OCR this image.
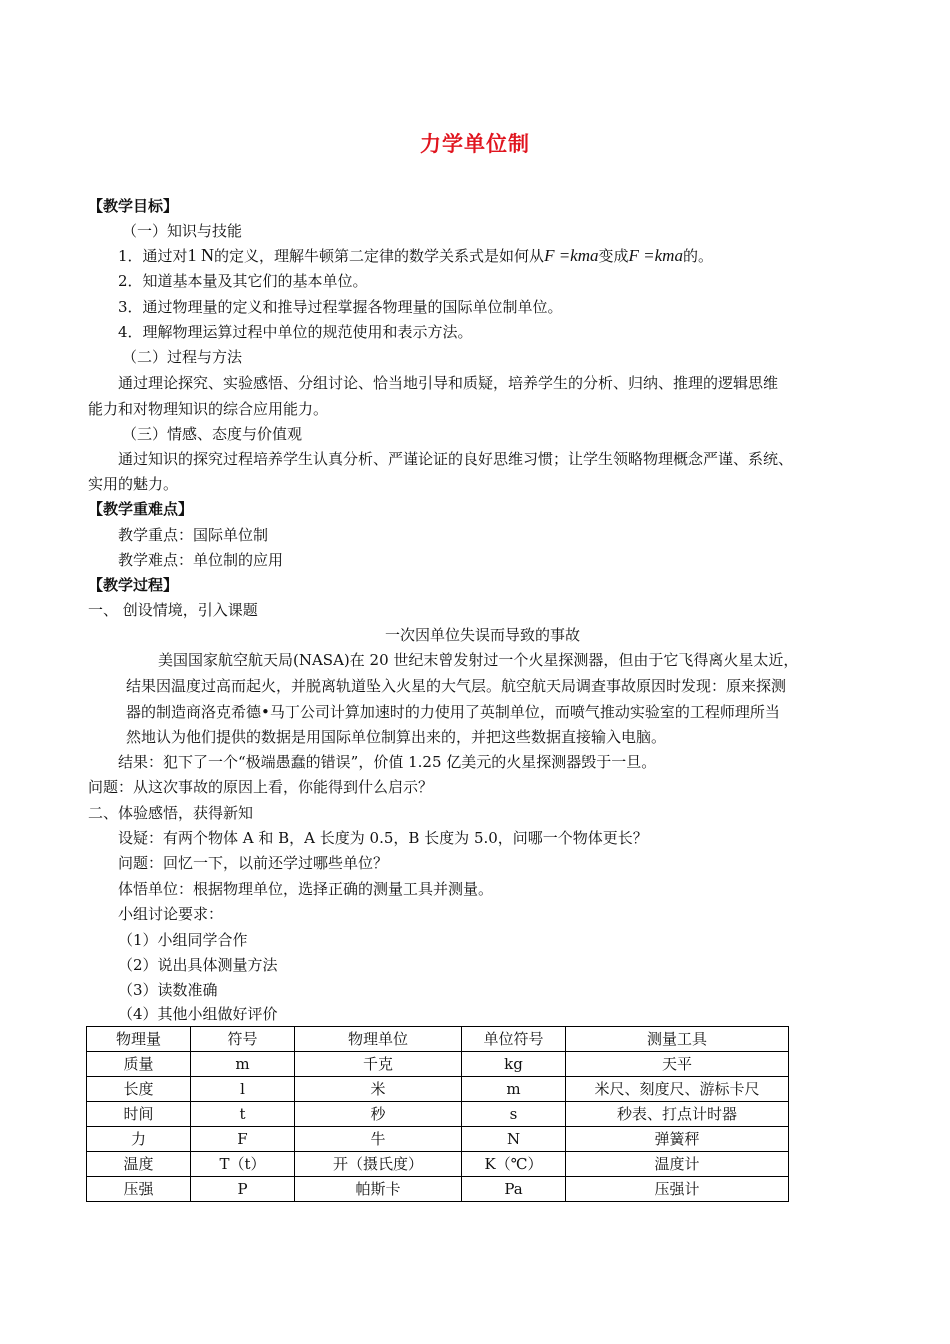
力学单位制
【教学目标】
（一）知识与技能
1．通过对1 N的定义，理解牛顿第二定律的数学关系式是如何从F =kma变成F =kma的。
2．知道基本量及其它们的基本单位。
3．通过物理量的定义和推导过程掌握各物理量的国际单位制单位。
4．理解物理运算过程中单位的规范使用和表示方法。
（二）过程与方法
通过理论探究、实验感悟、分组讨论、恰当地引导和质疑，培养学生的分析、归纳、推理的逻辑思维
能力和对物理知识的综合应用能力。
（三）情感、态度与价值观
通过知识的探究过程培养学生认真分析、严谨论证的良好思维习惯；让学生领略物理概念严谨、系统、
实用的魅力。
【教学重难点】
教学重点：国际单位制
教学难点：单位制的应用
【教学过程】
一、 创设情境，引入课题
一次因单位失误而导致的事故
美国国家航空航天局(NASA)在 20 世纪末曾发射过一个火星探测器，但由于它飞得离火星太近，
结果因温度过高而起火，并脱离轨道坠入火星的大气层。航空航天局调查事故原因时发现：原来探测
器的制造商洛克希德•马丁公司计算加速时的力使用了英制单位，而喷气推动实验室的工程师理所当
然地认为他们提供的数据是用国际单位制算出来的，并把这些数据直接输入电脑。
结果：犯下了一个“极端愚蠢的错误”，价值 1.25 亿美元的火星探测器毁于一旦。
问题：从这次事故的原因上看，你能得到什么启示？
二、体验感悟，获得新知
设疑：有两个物体 A 和 B，A 长度为 0.5，B 长度为 5.0，问哪一个物体更长？
问题：回忆一下，以前还学过哪些单位？
体悟单位：根据物理单位，选择正确的测量工具并测量。
小组讨论要求：
（1）小组同学合作
（2）说出具体测量方法
（3）读数准确
（4）其他小组做好评价
物理量	符号	物理单位	单位符号	测量工具
质量	m	千克	kg	天平
长度	l	米	m	米尺、刻度尺、游标卡尺
时间	t	秒	s	秒表、打点计时器
力	F	牛	N	弹簧秤
温度	T（t）	开（摄氏度）	K（℃）	温度计
压强	P	帕斯卡	Pa	压强计
